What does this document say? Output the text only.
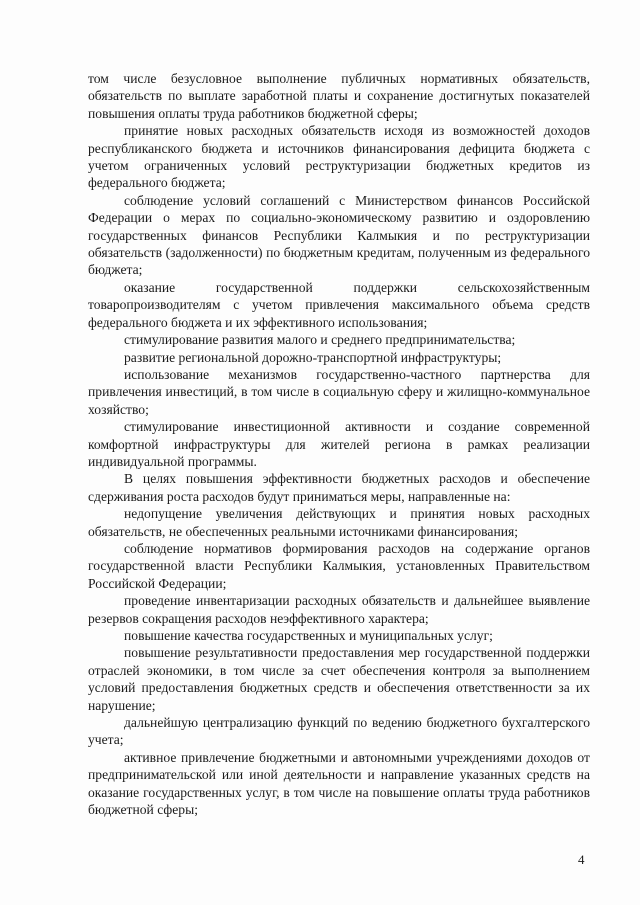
том числе безусловное выполнение публичных нормативных обязательств, обязательств по выплате заработной платы и сохранение достигнутых показателей повышения оплаты труда работников бюджетной сферы;

принятие новых расходных обязательств исходя из возможностей доходов республиканского бюджета и источников финансирования дефицита бюджета с учетом ограниченных условий реструктуризации бюджетных кредитов из федерального бюджета;

соблюдение условий соглашений с Министерством финансов Российской Федерации о мерах по социально-экономическому развитию и оздоровлению государственных финансов Республики Калмыкия и по реструктуризации обязательств (задолженности) по бюджетным кредитам, полученным из федерального бюджета;

оказание государственной поддержки сельскохозяйственным товаропроизводителям с учетом привлечения максимального объема средств федерального бюджета и их эффективного использования;

стимулирование развития малого и среднего предпринимательства;

развитие региональной дорожно-транспортной инфраструктуры;

использование механизмов государственно-частного партнерства для привлечения инвестиций, в том числе в социальную сферу и жилищно-коммунальное хозяйство;

стимулирование инвестиционной активности и создание современной комфортной инфраструктуры для жителей региона в рамках реализации индивидуальной программы.

В целях повышения эффективности бюджетных расходов и обеспечение сдерживания роста расходов будут приниматься меры, направленные на:

недопущение увеличения действующих и принятия новых расходных обязательств, не обеспеченных реальными источниками финансирования;

соблюдение нормативов формирования расходов на содержание органов государственной власти Республики Калмыкия, установленных Правительством Российской Федерации;

проведение инвентаризации расходных обязательств и дальнейшее выявление резервов сокращения расходов неэффективного характера;

повышение качества государственных и муниципальных услуг;

повышение результативности предоставления мер государственной поддержки отраслей экономики, в том числе за счет обеспечения контроля за выполнением условий предоставления бюджетных средств и обеспечения ответственности за их нарушение;

дальнейшую централизацию функций по ведению бюджетного бухгалтерского учета;

активное привлечение бюджетными и автономными учреждениями доходов от предпринимательской или иной деятельности и направление указанных средств на оказание государственных услуг, в том числе на повышение оплаты труда работников бюджетной сферы;

4
